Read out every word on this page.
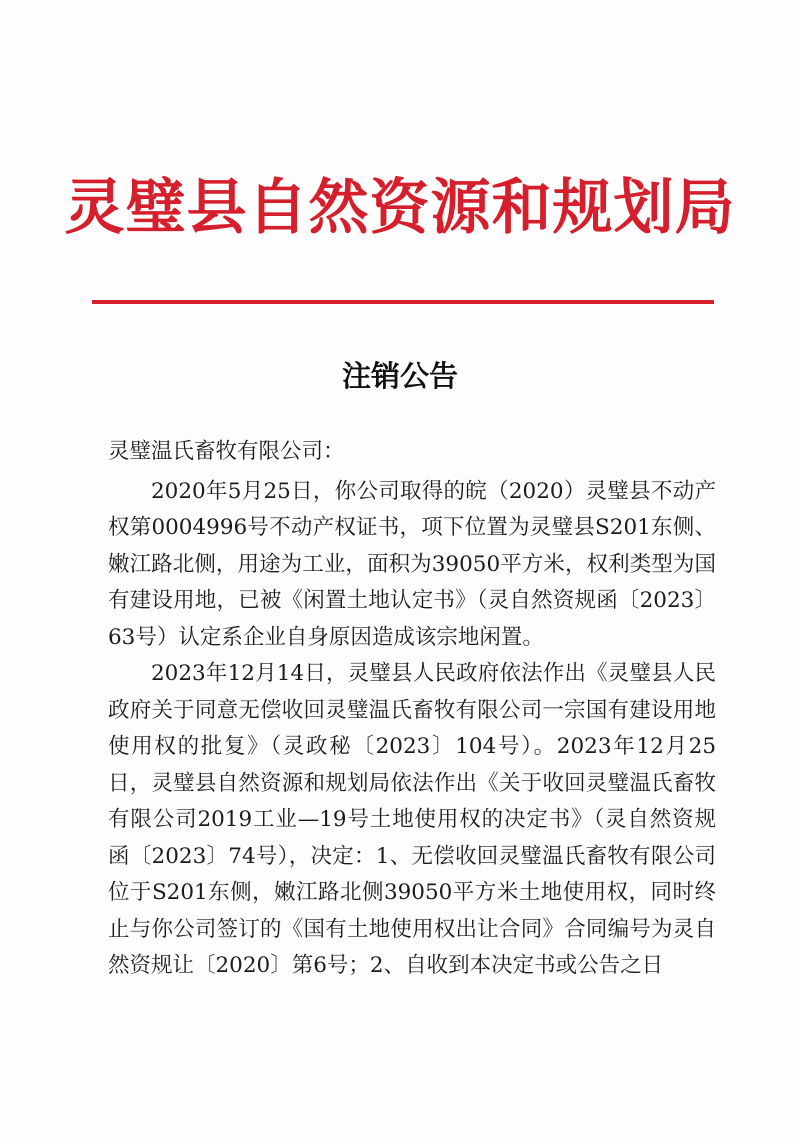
灵璧县自然资源和规划局
注销公告

灵璧温氏畜牧有限公司：

2020年5月25日，你公司取得的皖（2020）灵璧县不动产权第0004996号不动产权证书，项下位置为灵璧县S201东侧、嫩江路北侧，用途为工业，面积为39050平方米，权利类型为国有建设用地，已被《闲置土地认定书》（灵自然资规函〔2023〕63号）认定系企业自身原因造成该宗地闲置。

2023年12月14日，灵璧县人民政府依法作出《灵璧县人民政府关于同意无偿收回灵璧温氏畜牧有限公司一宗国有建设用地使用权的批复》（灵政秘〔2023〕104号）。2023年12月25日，灵璧县自然资源和规划局依法作出《关于收回灵璧温氏畜牧有限公司2019工业—19号土地使用权的决定书》（灵自然资规函〔2023〕74号），决定：1、无偿收回灵璧温氏畜牧有限公司位于S201东侧，嫩江路北侧39050平方米土地使用权，同时终止与你公司签订的《国有土地使用权出让合同》合同编号为灵自然资规让〔2020〕第6号；2、自收到本决定书或公告之日
